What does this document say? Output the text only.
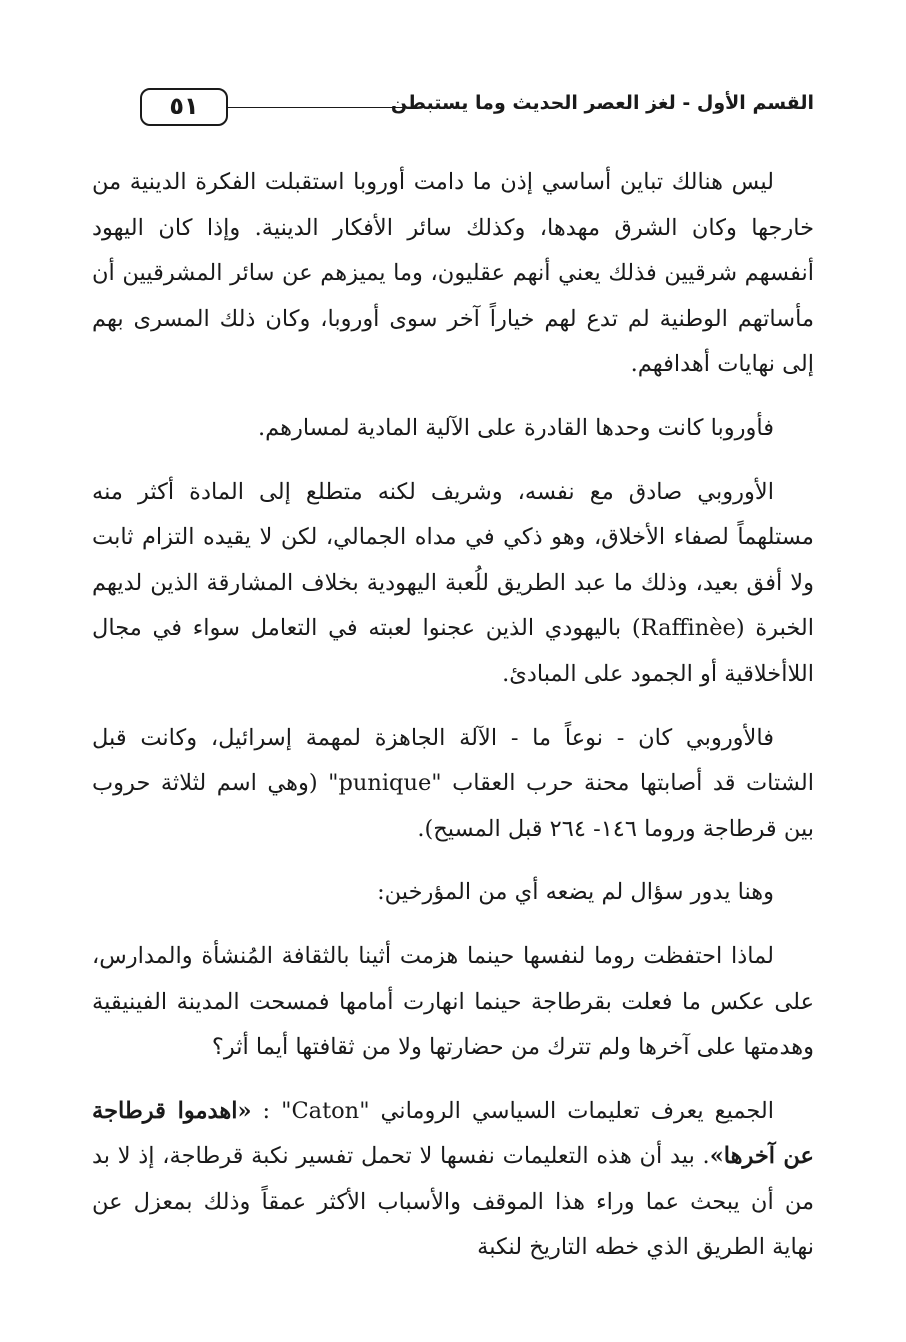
٥١	القسم الأول - لغز العصر الحديث وما يستبطن

ليس هنالك تباين أساسي إذن ما دامت أوروبا استقبلت الفكرة الدينية من خارجها وكان الشرق مهدها، وكذلك سائر الأفكار الدينية. وإذا كان اليهود أنفسهم شرقيين فذلك يعني أنهم عقليون، وما يميزهم عن سائر المشرقيين أن مأساتهم الوطنية لم تدع لهم خياراً آخر سوى أوروبا، وكان ذلك المسرى بهم إلى نهايات أهدافهم.

فأوروبا كانت وحدها القادرة على الآلية المادية لمسارهم.

الأوروبي صادق مع نفسه، وشريف لكنه متطلع إلى المادة أكثر منه مستلهماً لصفاء الأخلاق، وهو ذكي في مداه الجمالي، لكن لا يقيده التزام ثابت ولا أفق بعيد، وذلك ما عبد الطريق للُعبة اليهودية بخلاف المشارقة الذين لديهم الخبرة (Raffinèe) باليهودي الذين عجنوا لعبته في التعامل سواء في مجال اللاأخلاقية أو الجمود على المبادئ.

فالأوروبي كان - نوعاً ما - الآلة الجاهزة لمهمة إسرائيل، وكانت قبل الشتات قد أصابتها محنة حرب العقاب "punique" (وهي اسم لثلاثة حروب بين قرطاجة وروما ١٤٦- ٢٦٤ قبل المسيح).

وهنا يدور سؤال لم يضعه أي من المؤرخين:

لماذا احتفظت روما لنفسها حينما هزمت أثينا بالثقافة المُنشأة والمدارس، على عكس ما فعلت بقرطاجة حينما انهارت أمامها فمسحت المدينة الفينيقية وهدمتها على آخرها ولم تترك من حضارتها ولا من ثقافتها أيما أثر؟

الجميع يعرف تعليمات السياسي الروماني "Caton" : «اهدموا قرطاجة عن آخرها». بيد أن هذه التعليمات نفسها لا تحمل تفسير نكبة قرطاجة، إذ لا بد من أن يبحث عما وراء هذا الموقف والأسباب الأكثر عمقاً وذلك بمعزل عن نهاية الطريق الذي خطه التاريخ لنكبة
